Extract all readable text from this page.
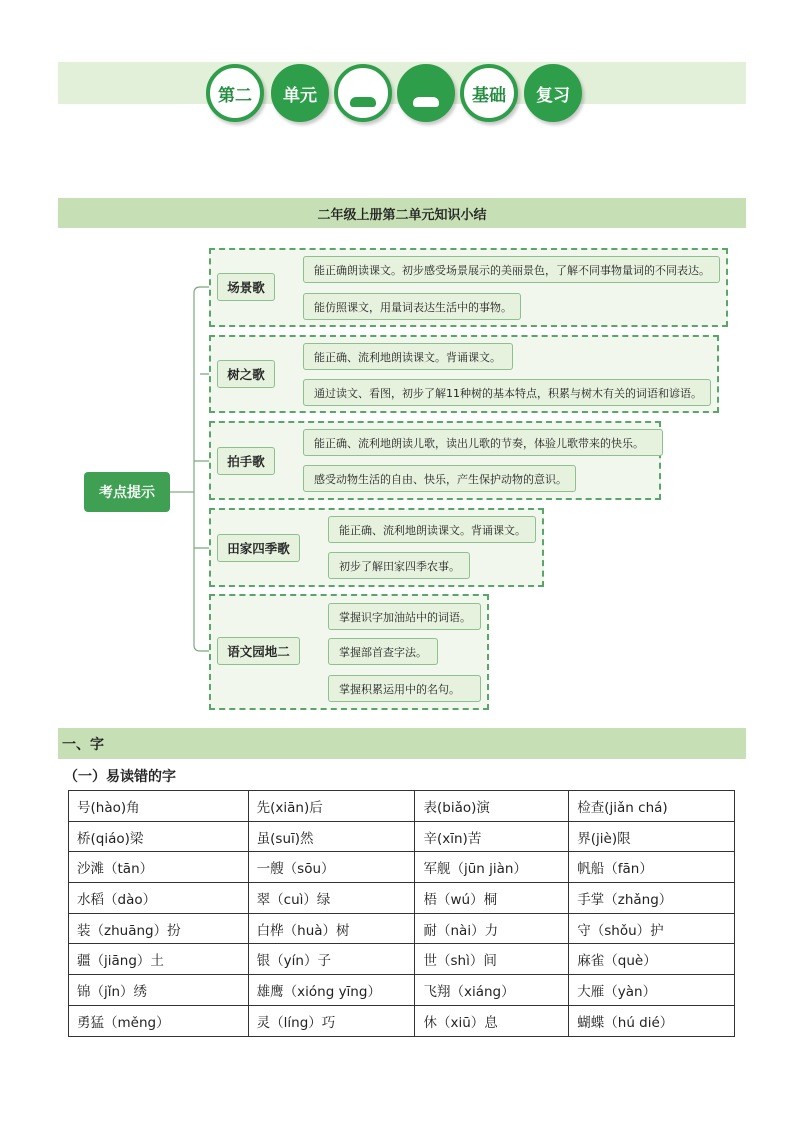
第二 单元	基础 复习
二年级上册第二单元知识小结
考点提示
场景歌
能正确朗读课文。初步感受场景展示的美丽景色，了解不同事物量词的不同表达。
能仿照课文，用量词表达生活中的事物。
树之歌
能正确、流利地朗读课文。背诵课文。
通过读文、看图，初步了解11种树的基本特点，积累与树木有关的词语和谚语。
拍手歌
能正确、流利地朗读儿歌，读出儿歌的节奏，体验儿歌带来的快乐。
感受动物生活的自由、快乐，产生保护动物的意识。
田家四季歌
能正确、流利地朗读课文。背诵课文。
初步了解田家四季农事。
语文园地二
掌握识字加油站中的词语。
掌握部首查字法。
掌握积累运用中的名句。
一、字
（一）易读错的字
号(hào)角	先(xiān)后	表(biǎo)演	检查(jiǎn chá)
桥(qiáo)梁	虽(suī)然	辛(xīn)苦	界(jiè)限
沙滩（tān）	一艘（sōu）	军舰（jūn jiàn）	帆船（fān）
水稻（dào）	翠（cuì）绿	梧（wú）桐	手掌（zhǎng）
装（zhuāng）扮	白桦（huà）树	耐（nài）力	守（shǒu）护
疆（jiāng）土	银（yín）子	世（shì）间	麻雀（què）
锦（jǐn）绣	雄鹰（xióng yīng）	飞翔（xiáng）	大雁（yàn）
勇猛（měng）	灵（líng）巧	休（xiū）息	蝴蝶（hú dié）
